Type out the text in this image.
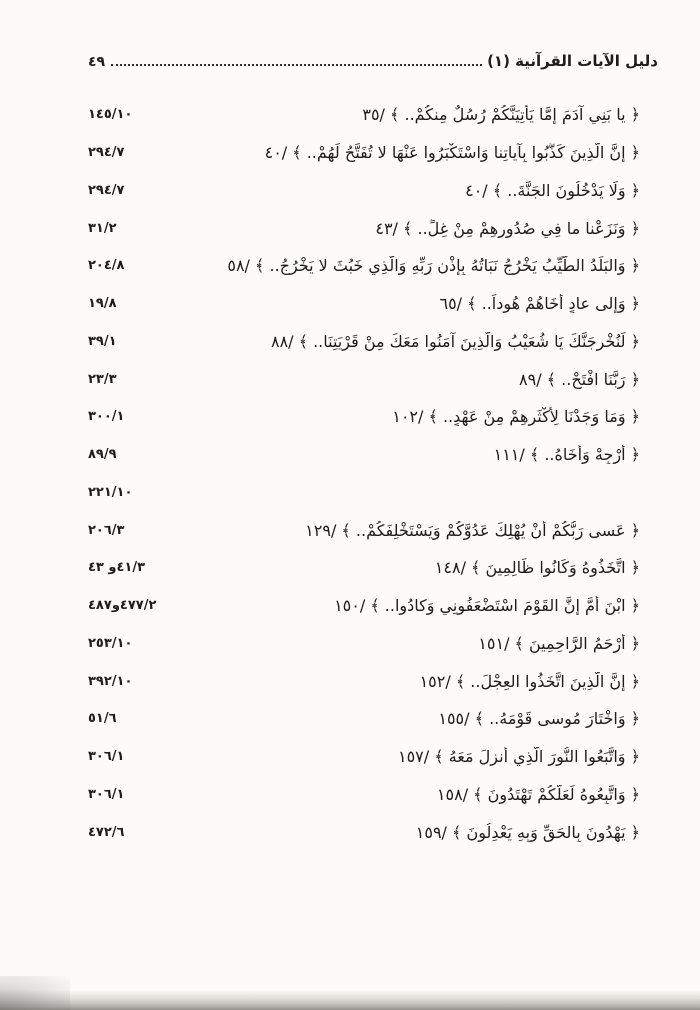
دليل الآيات القرآنية (١)
٤٩
﴿ يا بَنِي آدَمَ إِمَّا يَأْتِيَنَّكُمْ رُسُلٌ مِنكُمْ.. ﴾ /٣٥
١٤٥/١٠
﴿ إِنَّ الَّذِينَ كَذَّبُوا بِآياتِنا وَاسْتَكْبَرُوا عَنْهَا لا تُفَتَّحُ لَهُمْ.. ﴾ /٤٠
٢٩٤/٧
﴿ وَلَا يَدْخُلُونَ الجَنَّةَ.. ﴾ /٤٠
٢٩٤/٧
﴿ وَنَزَعْنا ما فِي صُدُورِهِمْ مِنْ غِلٍّ.. ﴾ /٤٣
٣١/٢
﴿ وَالبَلَدُ الطَّيِّبُ يَخْرُجُ نَبَاتُهُ بِإِذْنِ رَبِّهِ وَالَّذِي خَبُثَ لا يَخْرُجُ.. ﴾ /٥٨
٢٠٤/٨
﴿ وَإِلى عادٍ أَخَاهُمْ هُوداً.. ﴾ /٦٥
١٩/٨
﴿ لَنُخْرِجَنَّكَ يَا شُعَيْبُ وَالَّذِينَ آمَنُوا مَعَكَ مِنْ قَرْيَتِنَا.. ﴾ /٨٨
٣٩/١
﴿ رَبَّنَا افْتَحْ.. ﴾ /٨٩
٢٣/٣
﴿ وَمَا وَجَدْنَا لِأَكْثَرِهِمْ مِنْ عَهْدٍ.. ﴾ /١٠٢
٣٠٠/١
﴿ أَرْجِهْ وَأَخَاهُ.. ﴾ /١١١
٨٩/٩
٢٢١/١٠
﴿ عَسى رَبُّكُمْ أَنْ يُهْلِكَ عَدُوَّكُمْ وَيَسْتَخْلِفَكُمْ.. ﴾ /١٢٩
٢٠٦/٣
﴿ اتَّخَذُوهُ وَكَانُوا ظَالِمِينَ ﴾ /١٤٨
٤١/٣و ٤٣
﴿ ابْنَ أُمَّ إِنَّ القَوْمَ اسْتَضْعَفُونِي وَكادُوا.. ﴾ /١٥٠
٤٧٧/٢و٤٨٧
﴿ أَرْحَمُ الرَّاحِمِينَ ﴾ /١٥١
٢٥٣/١٠
﴿ إِنَّ الَّذِينَ اتَّخَذُوا العِجْلَ.. ﴾ /١٥٢
٣٩٢/١٠
﴿ وَاخْتَارَ مُوسى قَوْمَهُ.. ﴾ /١٥٥
٥١/٦
﴿ وَاتَّبَعُوا النُّورَ الَّذِي أُنزِلَ مَعَهُ ﴾ /١٥٧
٣٠٦/١
﴿ وَاتَّبِعُوهُ لَعَلَّكُمْ تَهْتَدُونَ ﴾ /١٥٨
٣٠٦/١
﴿ يَهْدُونَ بِالحَقِّ وَبِهِ يَعْدِلُونَ ﴾ /١٥٩
٤٧٢/٦
